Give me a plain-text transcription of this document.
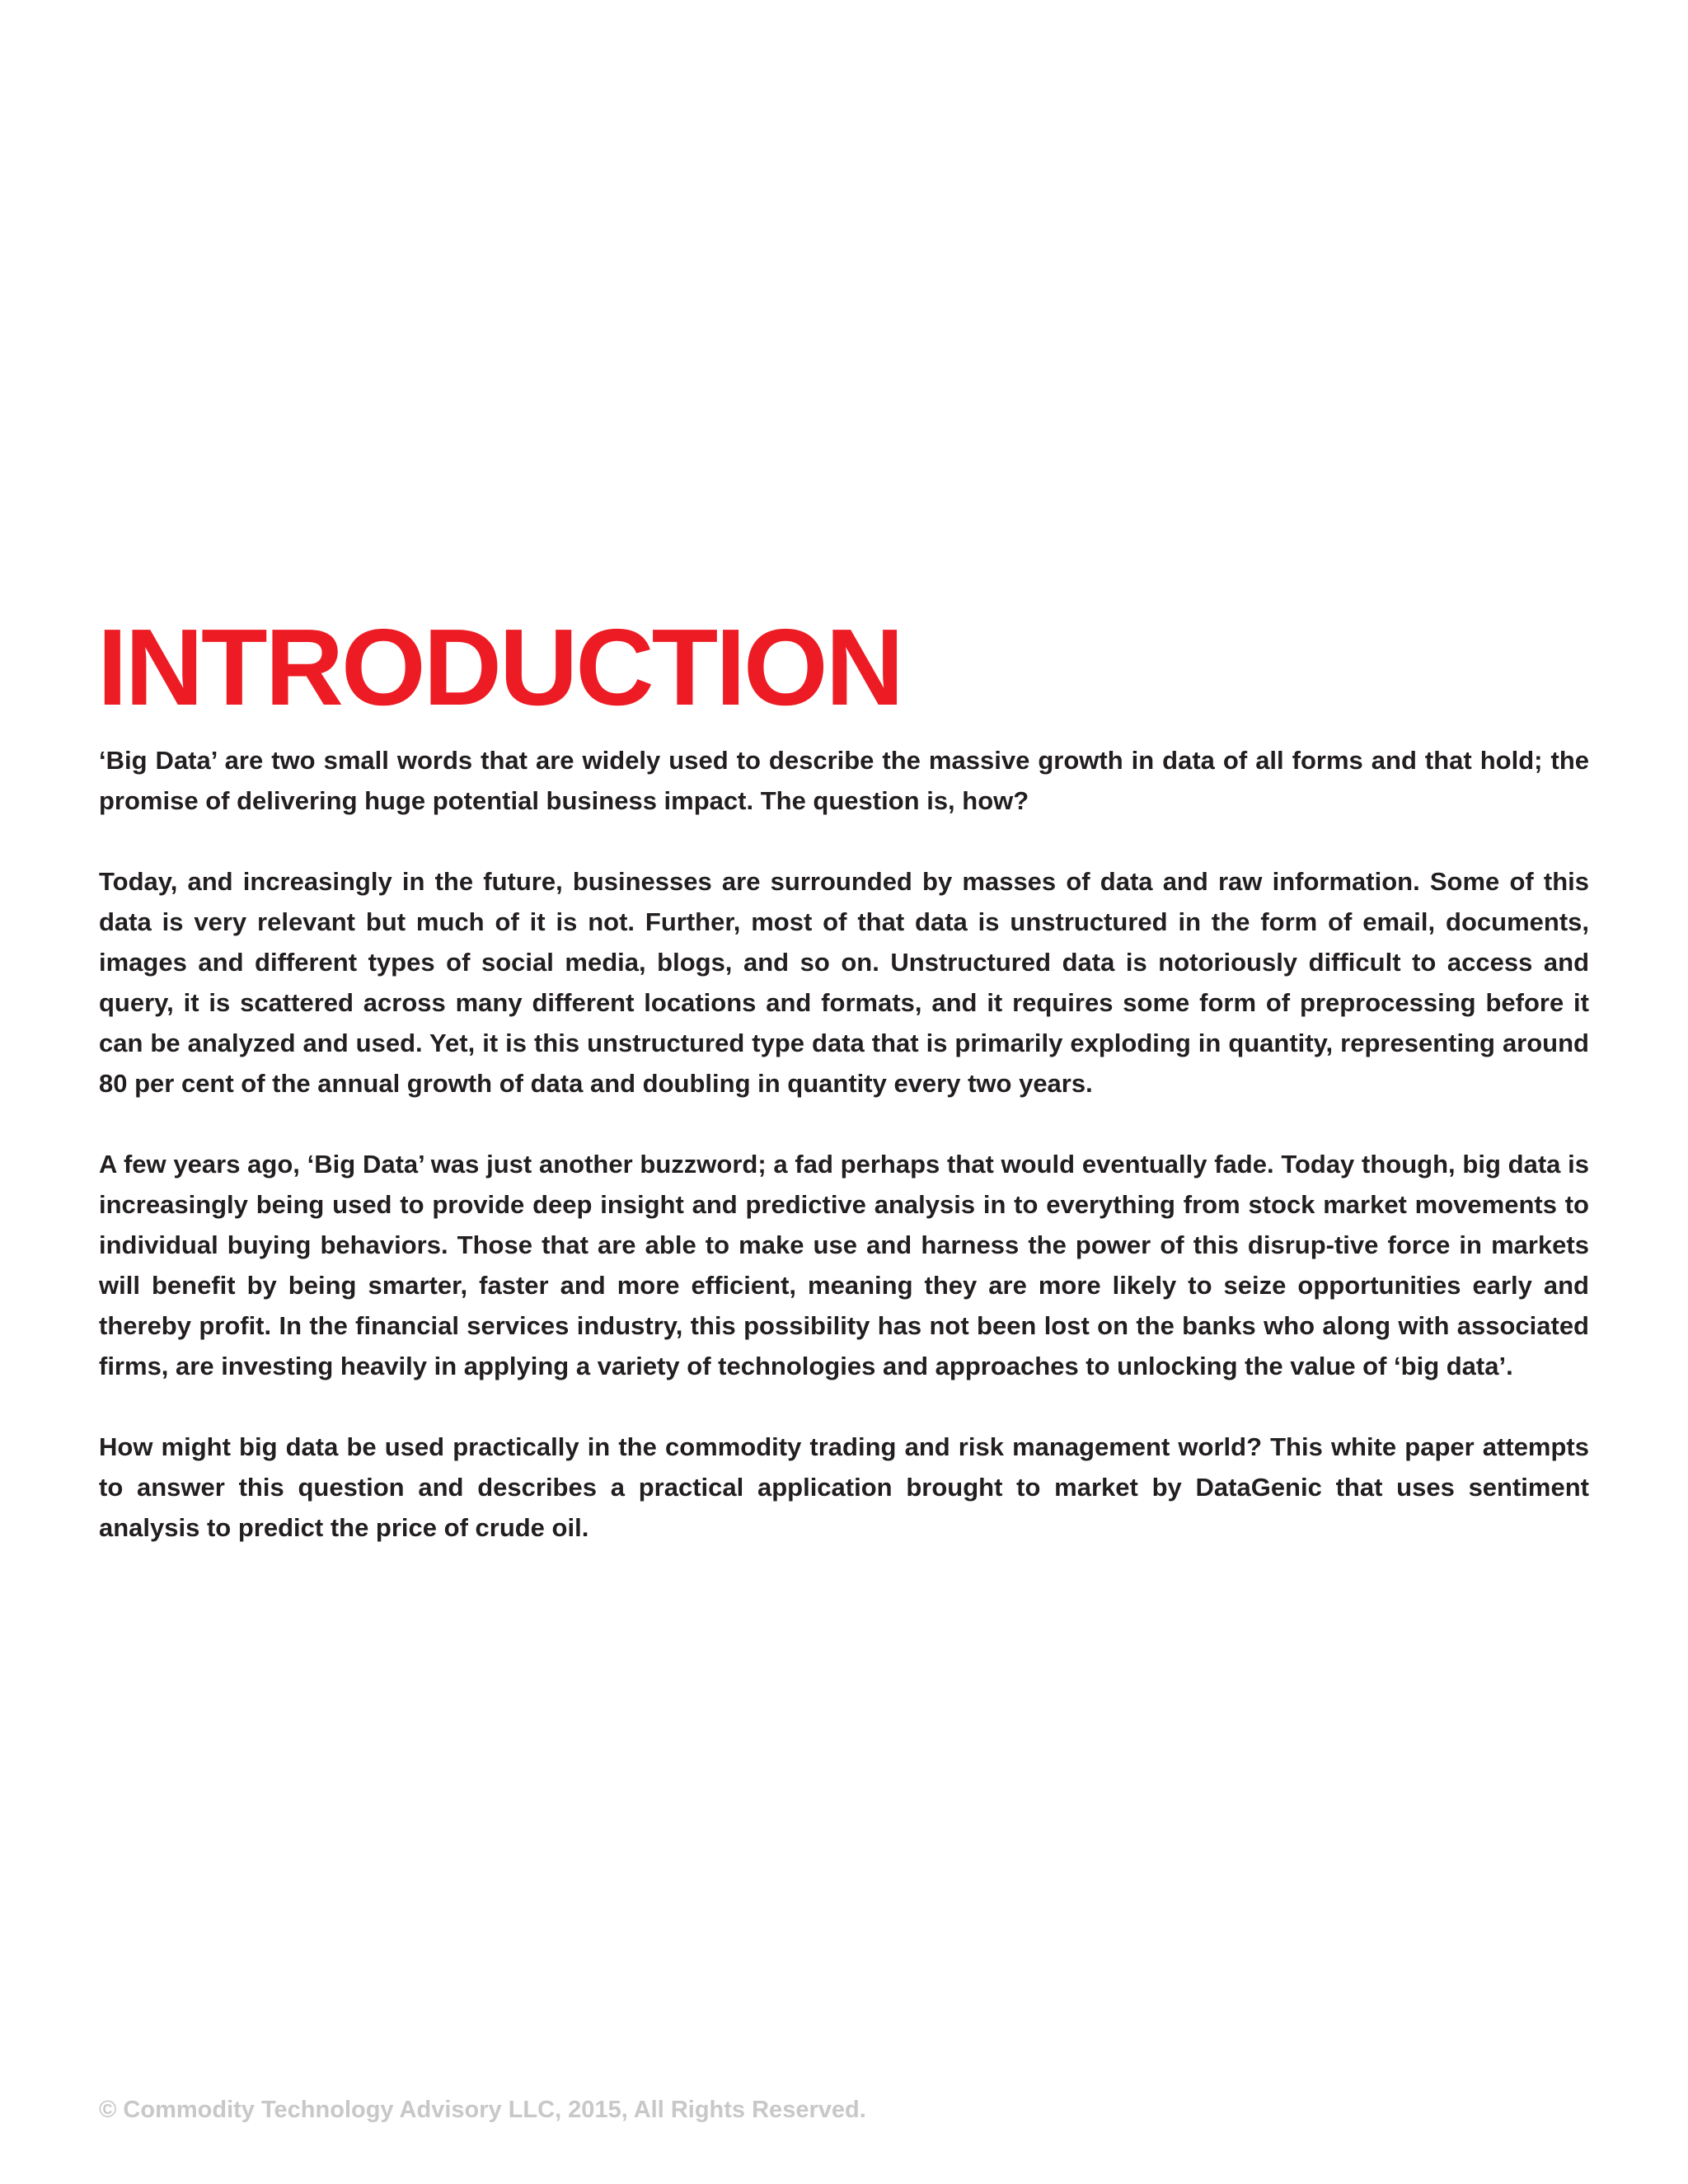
INTRODUCTION

‘Big Data’ are two small words that are widely used to describe the massive growth in data of all forms and that hold; the promise of delivering huge potential business impact. The question is, how?

Today, and increasingly in the future, businesses are surrounded by masses of data and raw information. Some of this data is very relevant but much of it is not. Further, most of that data is unstructured in the form of email, documents, images and different types of social media, blogs, and so on. Unstructured data is notoriously difficult to access and query, it is scattered across many different locations and formats, and it requires some form of preprocessing before it can be analyzed and used. Yet, it is this unstructured type data that is primarily exploding in quantity, representing around 80 per cent of the annual growth of data and doubling in quantity every two years.

A few years ago, ‘Big Data’ was just another buzzword; a fad perhaps that would eventually fade. Today though, big data is increasingly being used to provide deep insight and predictive analysis in to everything from stock market movements to individual buying behaviors. Those that are able to make use and harness the power of this disrup-tive force in markets will benefit by being smarter, faster and more efficient, meaning they are more likely to seize opportunities early and thereby profit. In the financial services industry, this possibility has not been lost on the banks who along with associated firms, are investing heavily in applying a variety of technologies and approaches to unlocking the value of ‘big data’.

How might big data be used practically in the commodity trading and risk management world? This white paper attempts to answer this question and describes a practical application brought to market by DataGenic that uses sentiment analysis to predict the price of crude oil.

© Commodity Technology Advisory LLC, 2015, All Rights Reserved.
